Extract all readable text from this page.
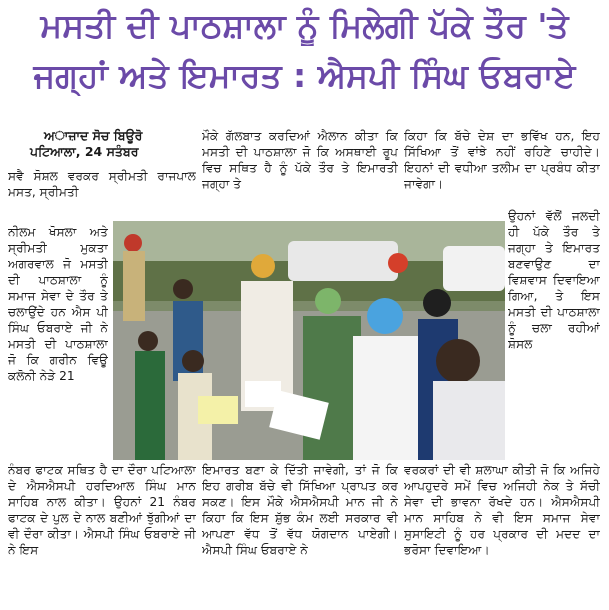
ਮਸਤੀ ਦੀ ਪਾਠਸ਼ਾਲਾ ਨੂੰ ਮਿਲੇਗੀ ਪੱਕੇ ਤੌਰ 'ਤੇ
ਜਗ੍ਹਾਂ ਅਤੇ ਇਮਾਰਤ : ਐਸਪੀ ਸਿੰਘ ਓਬਰਾਏ

ਅਾਜ਼ਾਦ ਸੋਚ ਬਿਊਰੋ

ਪਟਿਆਲਾ, 24 ਸਤੰਬਰ

ਸਵੈ ਸੋਸ਼ਲ ਵਰਕਰ ਸ੍ਰੀਮਤੀ ਰਾਜਪਾਲ ਮਸਤ, ਸ੍ਰੀਮਤੀ

ਨੀਲਮ ਖੋਸਲਾ ਅਤੇ ਸ੍ਰੀਮਤੀ ਮੁਕਤਾ ਅਗਰਵਾਲ ਜੋ ਮਸਤੀ ਦੀ ਪਾਠਸ਼ਾਲਾ ਨੂੰ ਸਮਾਜ ਸੇਵਾ ਦੇ ਤੌਰ ਤੇ ਚਲਾਉਂਦੇ ਹਨ ਐਸ ਪੀ ਸਿੰਘ ਓਬਰਾਏ ਜੀ ਨੇ ਮਸਤੀ ਦੀ ਪਾਠਸ਼ਾਲਾ ਜੋ ਕਿ ਗਰੀਨ ਵਿਊ ਕਲੋਨੀ ਨੇੜੇ 21

ਨੰਬਰ ਫਾਟਕ ਸਥਿਤ ਹੈ ਦਾ ਦੌਰਾ ਪਟਿਆਲਾ ਦੇ ਐਸਐਸਪੀ ਹਰਦਿਆਲ ਸਿੰਘ ਮਾਨ ਸਾਹਿਬ ਨਾਲ ਕੀਤਾ। ਉਹਨਾਂ 21 ਨੰਬਰ ਫਾਟਕ ਦੇ ਪੁਲ ਦੇ ਨਾਲ ਬਣੀਆਂ ਝੁੱਗੀਆਂ ਦਾ ਵੀ ਦੌਰਾ ਕੀਤਾ। ਐਸਪੀ ਸਿੰਘ ਓਬਰਾਏ ਜੀ ਨੇ ਇਸ

ਮੌਕੇ ਗੱਲਬਾਤ ਕਰਦਿਆਂ ਐਲਾਨ ਕੀਤਾ ਕਿ ਮਸਤੀ ਦੀ ਪਾਠਸ਼ਾਲਾ ਜੋ ਕਿ ਅਸਥਾਈ ਰੂਪ ਵਿਚ ਸਥਿਤ ਹੈ ਨੂੰ ਪੱਕੇ ਤੌਰ ਤੇ ਇਮਾਰਤੀ ਜਗ੍ਹਾ ਤੇ

ਇਮਾਰਤ ਬਣਾ ਕੇ ਦਿੱਤੀ ਜਾਵੇਗੀ, ਤਾਂ ਜੋ ਕਿ ਇਹ ਗਰੀਬ ਬੱਚੇ ਵੀ ਸਿੱਖਿਆ ਪ੍ਰਾਪਤ ਕਰ ਸਕਣ। ਇਸ ਮੌਕੇ ਐਸਐਸਪੀ ਮਾਨ ਜੀ ਨੇ ਕਿਹਾ ਕਿ ਇਸ ਸ਼ੁੱਭ ਕੰਮ ਲਈ ਸਰਕਾਰ ਵੀ ਆਪਣਾ ਵੱਧ ਤੋਂ ਵੱਧ ਯੋਗਦਾਨ ਪਾਏਗੀ। ਐਸਪੀ ਸਿੰਘ ਓਬਰਾਏ ਨੇ

ਕਿਹਾ ਕਿ ਬੱਚੇ ਦੇਸ਼ ਦਾ ਭਵਿੱਖ ਹਨ, ਇਹ ਸਿੱਖਿਆ ਤੋਂ ਵਾਂਝੇ ਨਹੀਂ ਰਹਿਣੇ ਚਾਹੀਦੇ। ਇਹਨਾਂ ਦੀ ਵਧੀਆ ਤਲੀਮ ਦਾ ਪ੍ਰਬੰਧ ਕੀਤਾ ਜਾਵੇਗਾ।

ਉਹਨਾਂ ਵੱਲੋਂ ਜਲਦੀ ਹੀ ਪੱਕੇ ਤੌਰ ਤੇ ਜਗ੍ਹਾ ਤੇ ਇਮਾਰਤ ਬਣਵਾਉਣ ਦਾ ਵਿਸ਼ਵਾਸ ਦਿਵਾਇਆ ਗਿਆ, ਤੇ ਇਸ ਮਸਤੀ ਦੀ ਪਾਠਸ਼ਾਲਾ ਨੂੰ ਚਲਾ ਰਹੀਆਂ ਸ਼ੋਸਲ

ਵਰਕਰਾਂ ਦੀ ਵੀ ਸ਼ਲਾਘਾ ਕੀਤੀ ਜੋ ਕਿ ਅਜਿਹੇ ਆਪਹੁਦਰੇ ਸਮੇਂ ਵਿਚ ਅਜਿਹੀ ਨੇਕ ਤੇ ਸੱਚੀ ਸੇਵਾ ਦੀ ਭਾਵਨਾ ਰੱਖਦੇ ਹਨ। ਐਸਐਸਪੀ ਮਾਨ ਸਾਹਿਬ ਨੇ ਵੀ ਇਸ ਸਮਾਜ ਸੇਵਾ ਸੁਸਾਇਟੀ ਨੂੰ ਹਰ ਪ੍ਰਕਾਰ ਦੀ ਮਦਦ ਦਾ ਭਰੋਸਾ ਦਿਵਾਇਆ।
